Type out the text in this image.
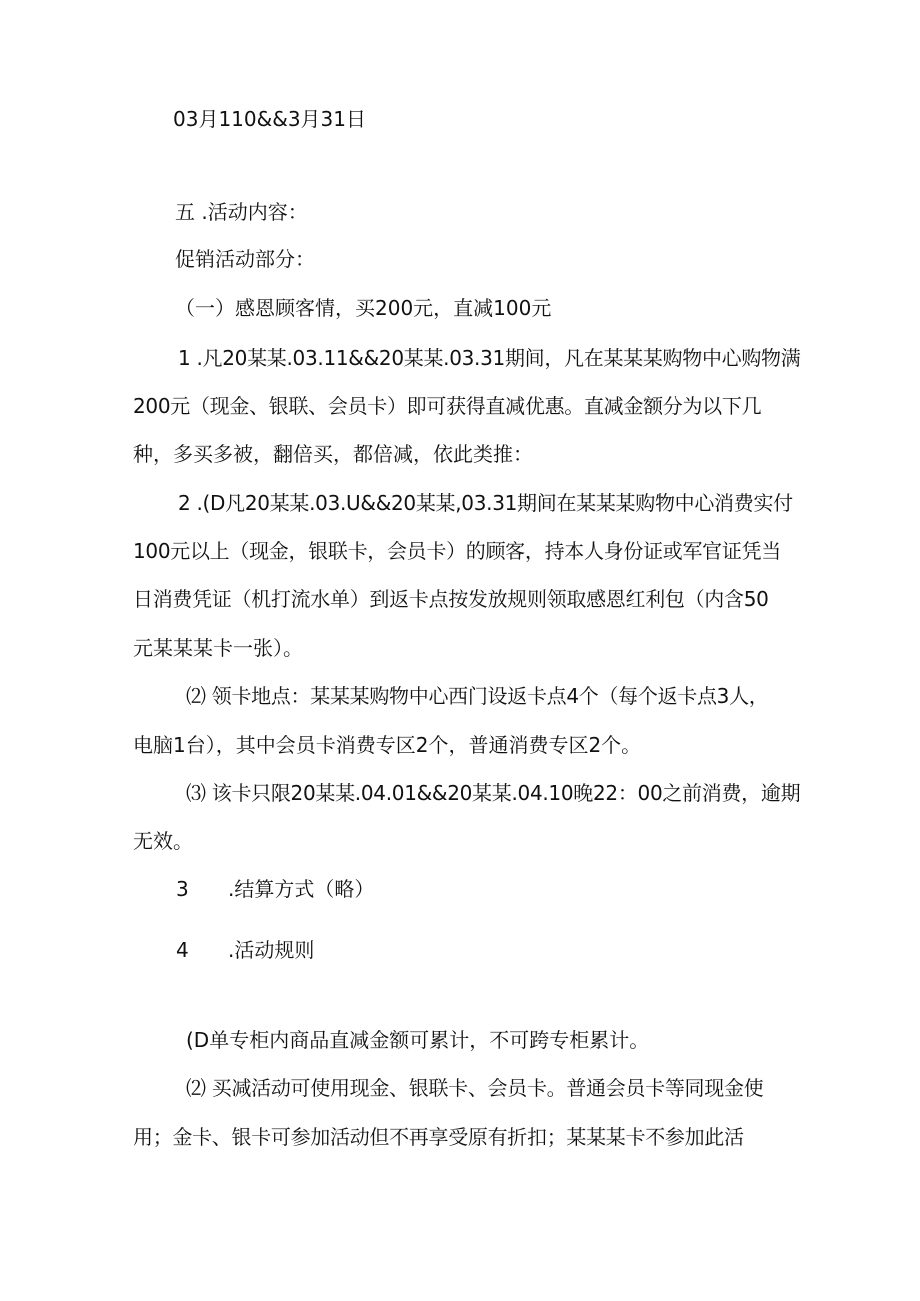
03月110&&3月31日

五 .活动内容：

促销活动部分：

（一）感恩顾客情，买200元，直减100元

1 .凡20某某.03.11&&20某某.03.31期间，凡在某某某购物中心购物满

200元（现金、银联、会员卡）即可获得直减优惠。直减金额分为以下几

种，多买多被，翻倍买，都倍减，依此类推：

2 .(D凡20某某.03.U&&20某某,03.31期间在某某某购物中心消费实付

100元以上（现金，银联卡，会员卡）的顾客，持本人身份证或军官证凭当

日消费凭证（机打流水单）到返卡点按发放规则领取感恩红利包（内含50

元某某某卡一张）。

⑵ 领卡地点：某某某购物中心西门设返卡点4个（每个返卡点3人，

电脑1台），其中会员卡消费专区2个，普通消费专区2个。

⑶ 该卡只限20某某.04.01&&20某某.04.10晚22：00之前消费，逾期

无效。

3 .结算方式（略）

4 .活动规则

(D单专柜内商品直减金额可累计，不可跨专柜累计。

⑵ 买减活动可使用现金、银联卡、会员卡。普通会员卡等同现金使

用；金卡、银卡可参加活动但不再享受原有折扣；某某某卡不参加此活
